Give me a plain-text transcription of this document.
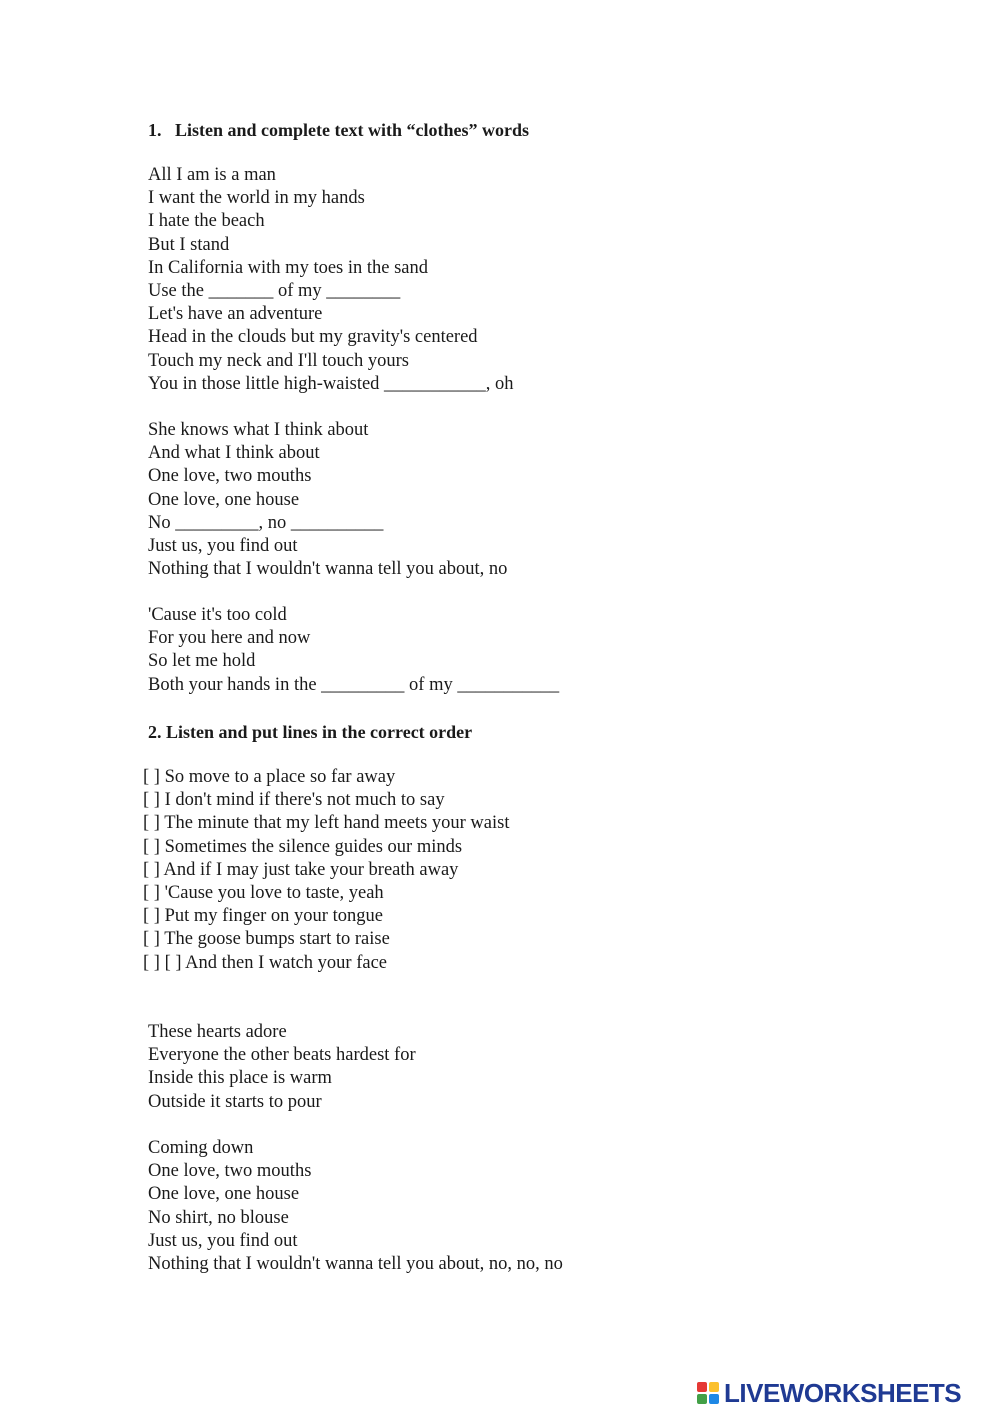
1.   Listen and complete text with “clothes” words
All I am is a man
I want the world in my hands
I hate the beach
But I stand
In California with my toes in the sand
Use the _______ of my ________
Let's have an adventure
Head in the clouds but my gravity's centered
Touch my neck and I'll touch yours
You in those little high-waisted ___________, oh
She knows what I think about
And what I think about
One love, two mouths
One love, one house
No _________, no __________
Just us, you find out
Nothing that I wouldn't wanna tell you about, no
'Cause it's too cold
For you here and now
So let me hold
Both your hands in the _________ of my ___________
2. Listen and put lines in the correct order
[ ] So move to a place so far away
[ ] I don't mind if there's not much to say
[ ] The minute that my left hand meets your waist
[ ] Sometimes the silence guides our minds
[ ] And if I may just take your breath away
[ ] 'Cause you love to taste, yeah
[ ] Put my finger on your tongue
[ ] The goose bumps start to raise
[ ] [ ] And then I watch your face
These hearts adore
Everyone the other beats hardest for
Inside this place is warm
Outside it starts to pour
Coming down
One love, two mouths
One love, one house
No shirt, no blouse
Just us, you find out
Nothing that I wouldn't wanna tell you about, no, no, no
LIVEWORKSHEETS
